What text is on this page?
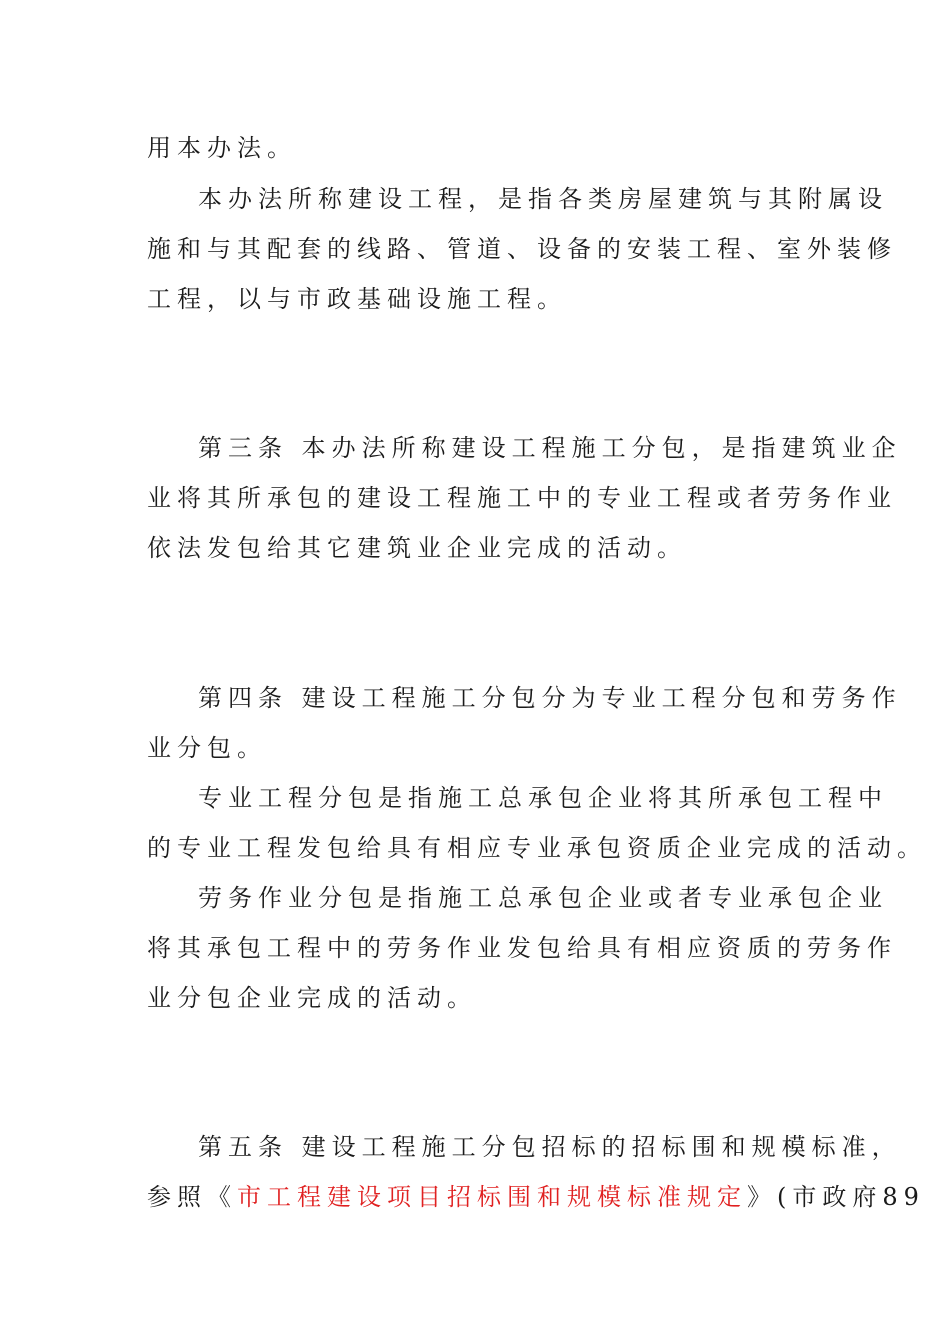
用本办法。
本办法所称建设工程，是指各类房屋建筑与其附属设
施和与其配套的线路、管道、设备的安装工程、室外装修
工程，以与市政基础设施工程。
第三条 本办法所称建设工程施工分包，是指建筑业企
业将其所承包的建设工程施工中的专业工程或者劳务作业
依法发包给其它建筑业企业完成的活动。
第四条 建设工程施工分包分为专业工程分包和劳务作
业分包。
专业工程分包是指施工总承包企业将其所承包工程中
的专业工程发包给具有相应专业承包资质企业完成的活动。
劳务作业分包是指施工总承包企业或者专业承包企业
将其承包工程中的劳务作业发包给具有相应资质的劳务作
业分包企业完成的活动。
第五条 建设工程施工分包招标的招标围和规模标准，
参照《市工程建设项目招标围和规模标准规定》(市政府89
